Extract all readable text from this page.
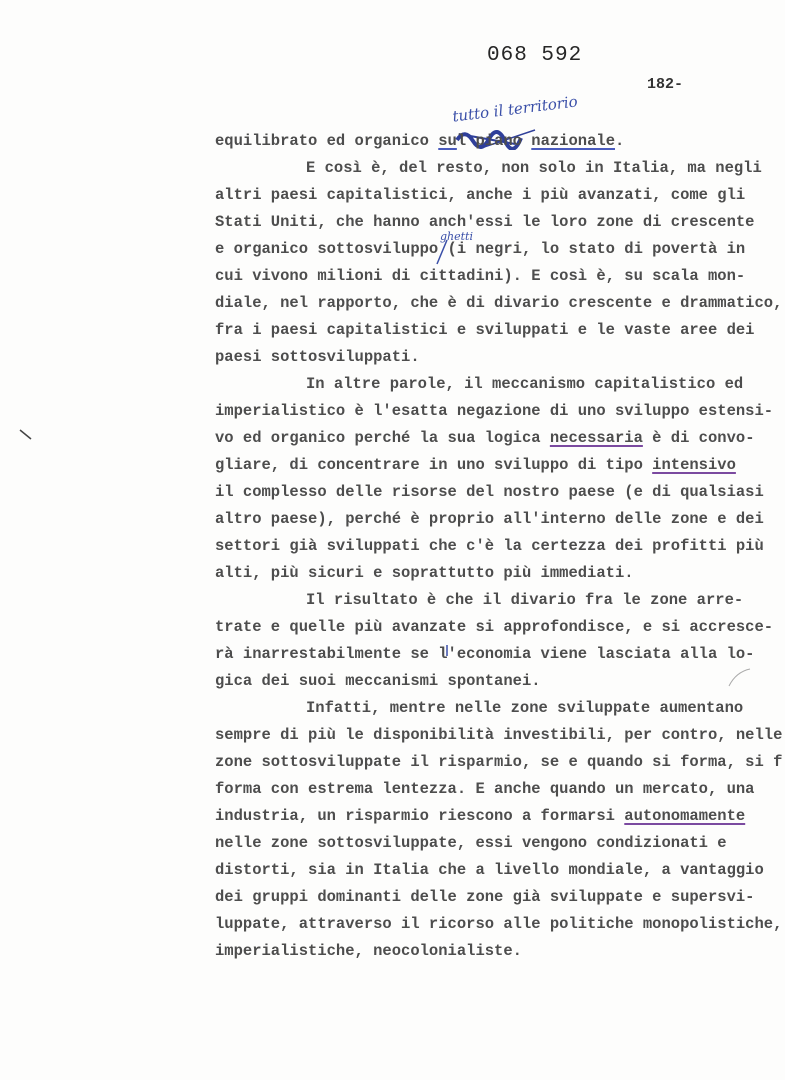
068 592
182-
tutto il territorio
ghetti

equilibrato ed organico sul piano nazionale.

E così è, del resto, non solo in Italia, ma negli

altri paesi capitalistici, anche i più avanzati, come gli

Stati Uniti, che hanno anch'essi le loro zone di crescente

e organico sottosviluppo (i negri, lo stato di povertà in

cui vivono milioni di cittadini). E così è, su scala mon-

diale, nel rapporto, che è di divario crescente e drammatico,

fra i paesi capitalistici e sviluppati e le vaste aree dei

paesi sottosviluppati.

In altre parole, il meccanismo capitalistico ed

imperialistico è l'esatta negazione di uno sviluppo estensi-

vo ed organico perché la sua logica necessaria è di convo-

gliare, di concentrare in uno sviluppo di tipo intensivo

il complesso delle risorse del nostro paese (e di qualsiasi

altro paese), perché è proprio all'interno delle zone e dei

settori già sviluppati che c'è la certezza dei profitti più

alti, più sicuri e soprattutto più immediati.

Il risultato è che il divario fra le zone arre-

trate e quelle più avanzate si approfondisce, e si accresce-

rà inarrestabilmente se l'economia viene lasciata alla lo-

gica dei suoi meccanismi spontanei.

Infatti, mentre nelle zone sviluppate aumentano

sempre di più le disponibilità investibili, per contro, nelle

zone sottosviluppate il risparmio, se e quando si forma, si f

forma con estrema lentezza. E anche quando un mercato, una

industria, un risparmio riescono a formarsi autonomamente

nelle zone sottosviluppate, essi vengono condizionati e

distorti, sia in Italia che a livello mondiale, a vantaggio

dei gruppi dominanti delle zone già sviluppate e supersvi-

luppate, attraverso il ricorso alle politiche monopolistiche,

imperialistiche, neocolonialiste.
